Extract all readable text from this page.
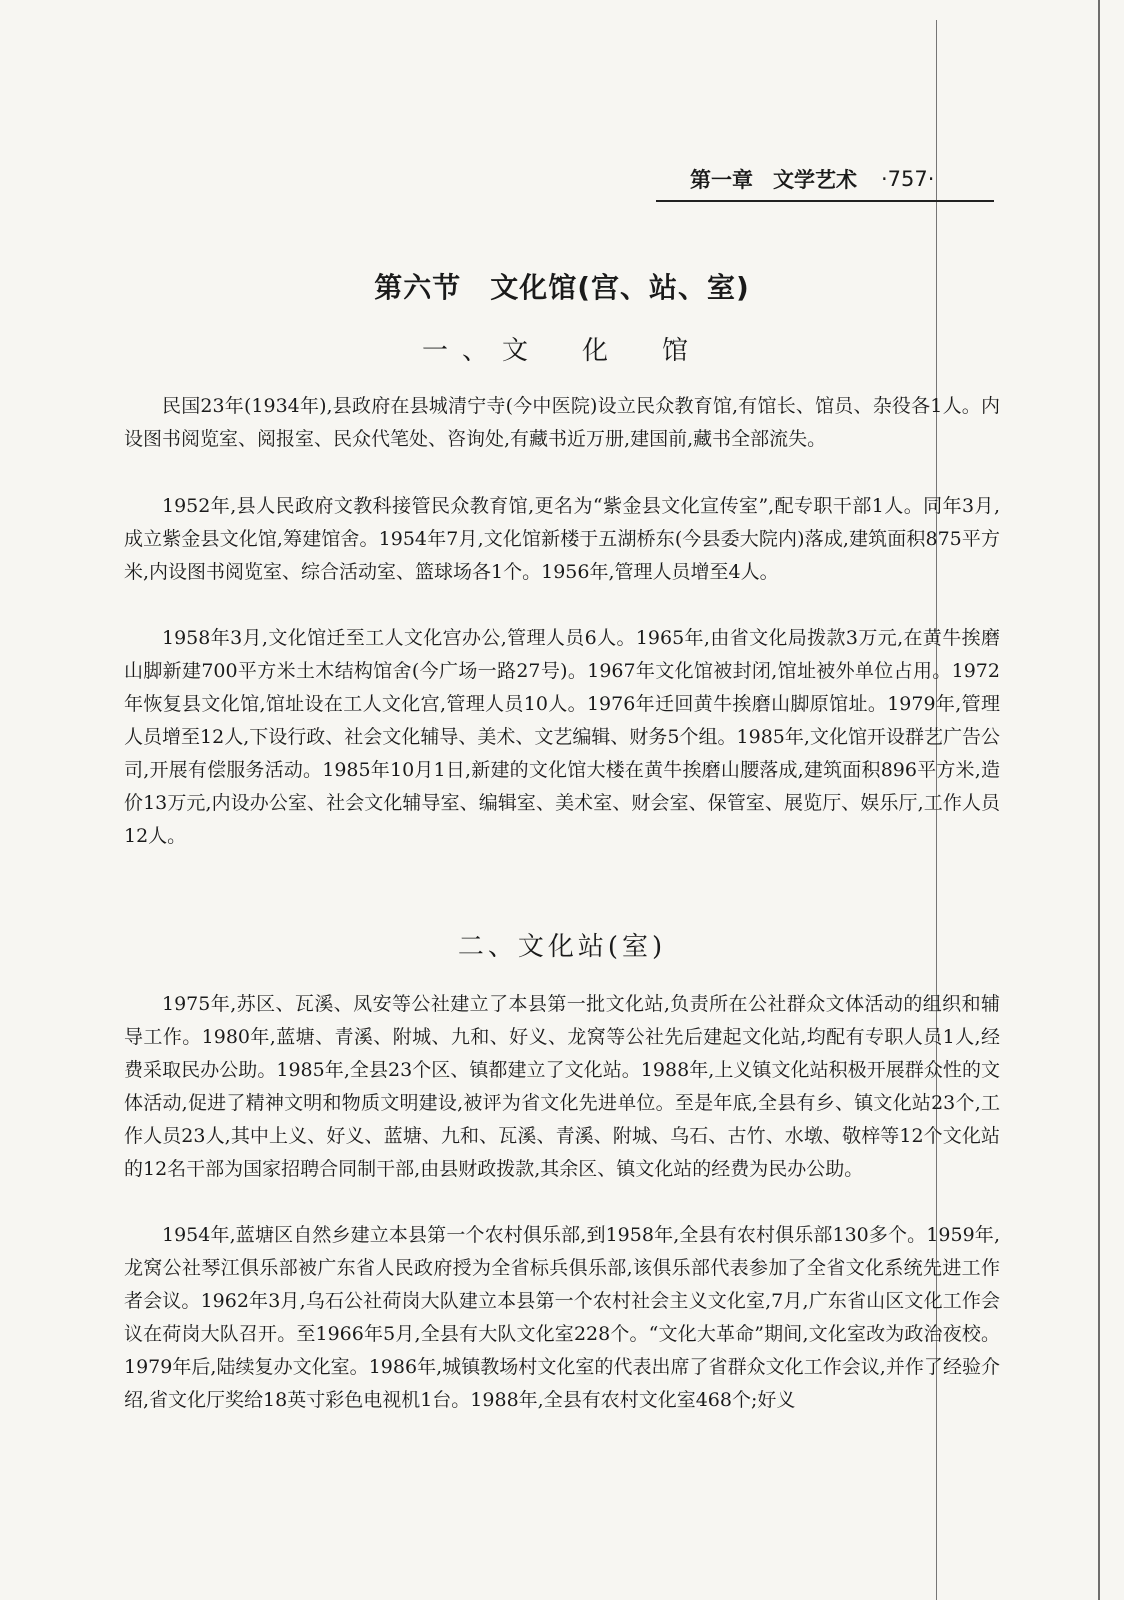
第一章 文学艺术 ·757·
第六节　文化馆(宫、站、室)
一、文　化　馆

民国23年(1934年),县政府在县城清宁寺(今中医院)设立民众教育馆,有馆长、馆员、杂役各1人。内设图书阅览室、阅报室、民众代笔处、咨询处,有藏书近万册,建国前,藏书全部流失。

1952年,县人民政府文教科接管民众教育馆,更名为“紫金县文化宣传室”,配专职干部1人。同年3月,成立紫金县文化馆,筹建馆舍。1954年7月,文化馆新楼于五湖桥东(今县委大院内)落成,建筑面积875平方米,内设图书阅览室、综合活动室、篮球场各1个。1956年,管理人员增至4人。

1958年3月,文化馆迁至工人文化宫办公,管理人员6人。1965年,由省文化局拨款3万元,在黄牛挨磨山脚新建700平方米土木结构馆舍(今广场一路27号)。1967年文化馆被封闭,馆址被外单位占用。1972年恢复县文化馆,馆址设在工人文化宫,管理人员10人。1976年迁回黄牛挨磨山脚原馆址。1979年,管理人员增至12人,下设行政、社会文化辅导、美术、文艺编辑、财务5个组。1985年,文化馆开设群艺广告公司,开展有偿服务活动。1985年10月1日,新建的文化馆大楼在黄牛挨磨山腰落成,建筑面积896平方米,造价13万元,内设办公室、社会文化辅导室、编辑室、美术室、财会室、保管室、展览厅、娱乐厅,工作人员12人。

二、文化站(室)

1975年,苏区、瓦溪、凤安等公社建立了本县第一批文化站,负责所在公社群众文体活动的组织和辅导工作。1980年,蓝塘、青溪、附城、九和、好义、龙窝等公社先后建起文化站,均配有专职人员1人,经费采取民办公助。1985年,全县23个区、镇都建立了文化站。1988年,上义镇文化站积极开展群众性的文体活动,促进了精神文明和物质文明建设,被评为省文化先进单位。至是年底,全县有乡、镇文化站23个,工作人员23人,其中上义、好义、蓝塘、九和、瓦溪、青溪、附城、乌石、古竹、水墩、敬梓等12个文化站的12名干部为国家招聘合同制干部,由县财政拨款,其余区、镇文化站的经费为民办公助。

1954年,蓝塘区自然乡建立本县第一个农村俱乐部,到1958年,全县有农村俱乐部130多个。1959年,龙窝公社琴江俱乐部被广东省人民政府授为全省标兵俱乐部,该俱乐部代表参加了全省文化系统先进工作者会议。1962年3月,乌石公社荷岗大队建立本县第一个农村社会主义文化室,7月,广东省山区文化工作会议在荷岗大队召开。至1966年5月,全县有大队文化室228个。“文化大革命”期间,文化室改为政治夜校。1979年后,陆续复办文化室。1986年,城镇教场村文化室的代表出席了省群众文化工作会议,并作了经验介绍,省文化厅奖给18英寸彩色电视机1台。1988年,全县有农村文化室468个;好义
